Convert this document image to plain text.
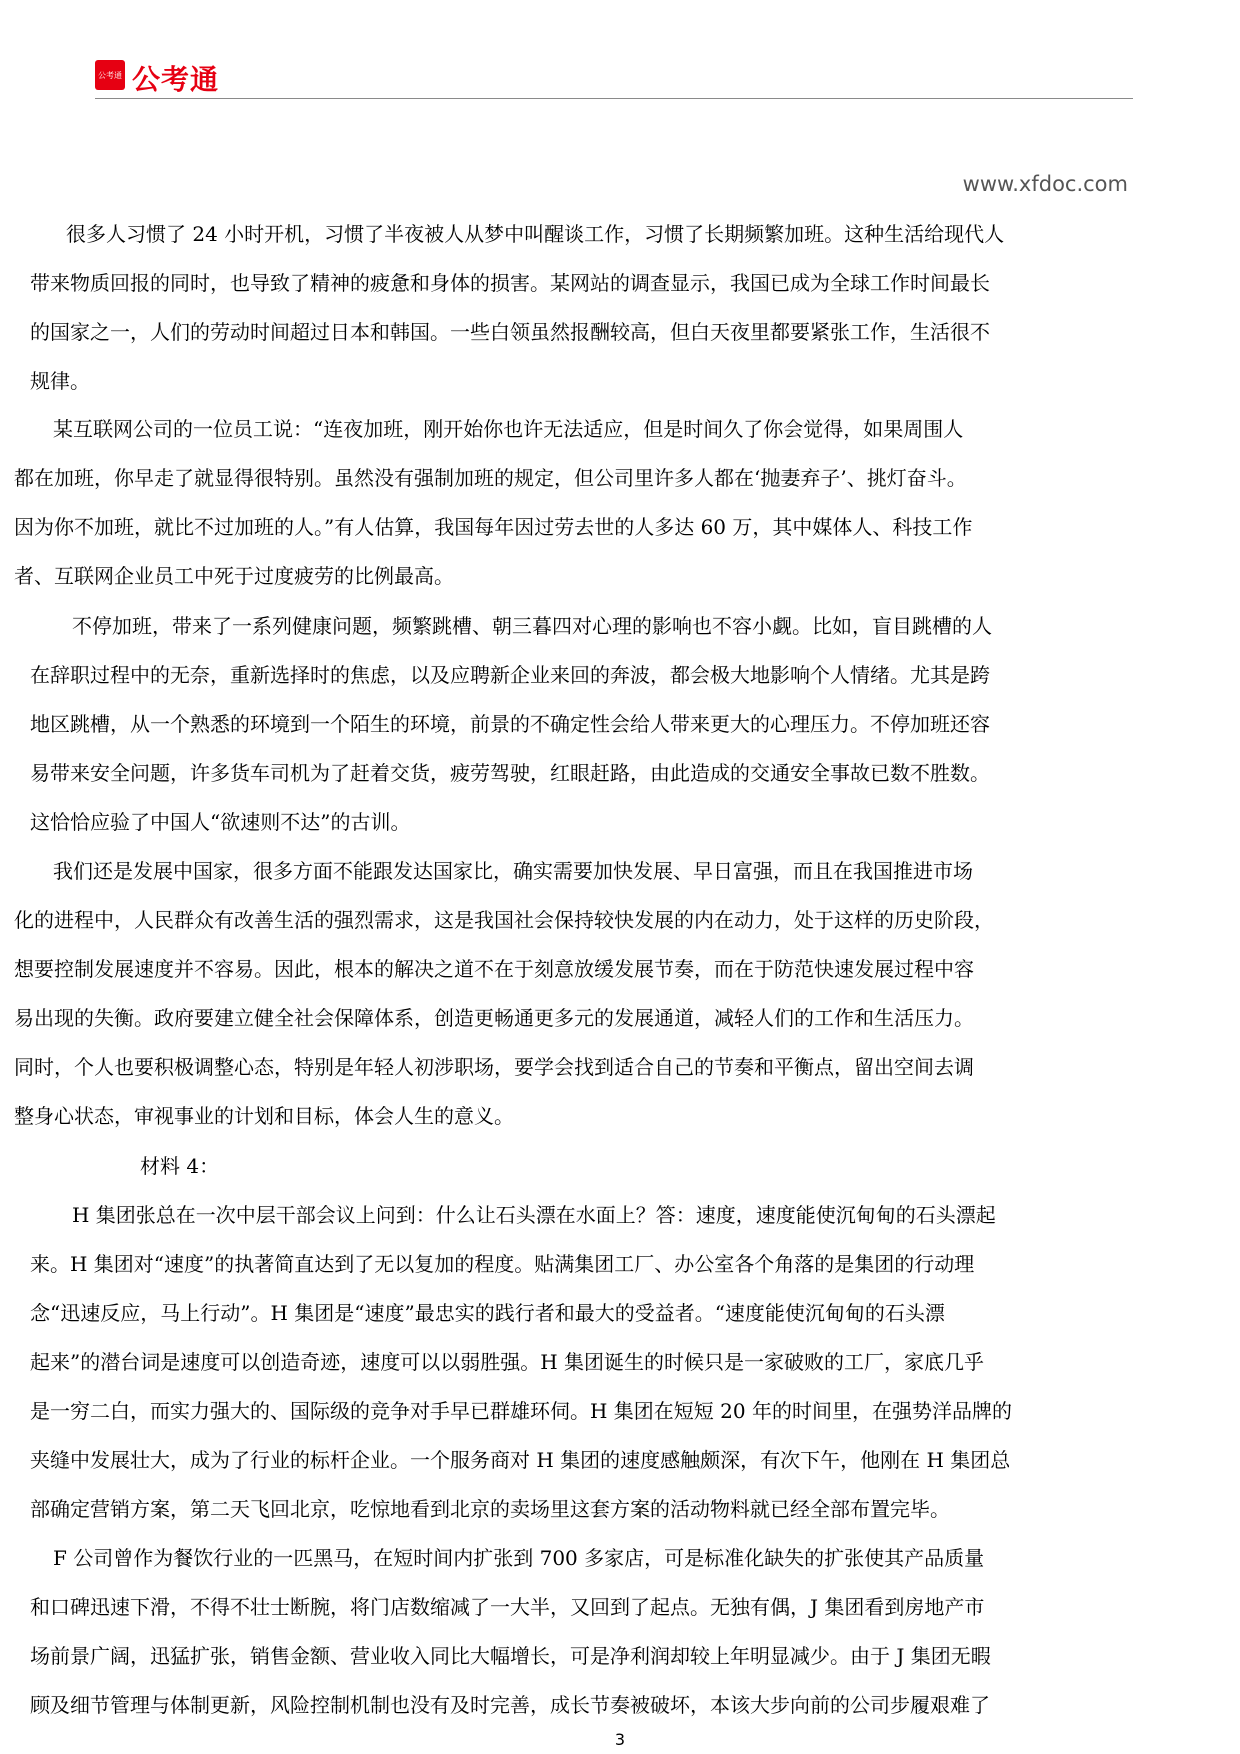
公考通 公考通
www.xfdoc.com
很多人习惯了 24 小时开机，习惯了半夜被人从梦中叫醒谈工作，习惯了长期频繁加班。这种生活给现代人
带来物质回报的同时，也导致了精神的疲惫和身体的损害。某网站的调查显示，我国已成为全球工作时间最长
的国家之一，人们的劳动时间超过日本和韩国。一些白领虽然报酬较高，但白天夜里都要紧张工作，生活很不
规律。
某互联网公司的一位员工说：“连夜加班，刚开始你也许无法适应，但是时间久了你会觉得，如果周围人
都在加班，你早走了就显得很特别。虽然没有强制加班的规定，但公司里许多人都在‘抛妻弃子’、挑灯奋斗。
因为你不加班，就比不过加班的人。”有人估算，我国每年因过劳去世的人多达 60 万，其中媒体人、科技工作
者、互联网企业员工中死于过度疲劳的比例最高。
不停加班，带来了一系列健康问题，频繁跳槽、朝三暮四对心理的影响也不容小觑。比如，盲目跳槽的人
在辞职过程中的无奈，重新选择时的焦虑，以及应聘新企业来回的奔波，都会极大地影响个人情绪。尤其是跨
地区跳槽，从一个熟悉的环境到一个陌生的环境，前景的不确定性会给人带来更大的心理压力。不停加班还容
易带来安全问题，许多货车司机为了赶着交货，疲劳驾驶，红眼赶路，由此造成的交通安全事故已数不胜数。
这恰恰应验了中国人“欲速则不达”的古训。
我们还是发展中国家，很多方面不能跟发达国家比，确实需要加快发展、早日富强，而且在我国推进市场
化的进程中，人民群众有改善生活的强烈需求，这是我国社会保持较快发展的内在动力，处于这样的历史阶段，
想要控制发展速度并不容易。因此，根本的解决之道不在于刻意放缓发展节奏，而在于防范快速发展过程中容
易出现的失衡。政府要建立健全社会保障体系，创造更畅通更多元的发展通道，减轻人们的工作和生活压力。
同时，个人也要积极调整心态，特别是年轻人初涉职场，要学会找到适合自己的节奏和平衡点，留出空间去调
整身心状态，审视事业的计划和目标，体会人生的意义。
材料 4：
H 集团张总在一次中层干部会议上问到：什么让石头漂在水面上？答：速度，速度能使沉甸甸的石头漂起
来。H 集团对“速度”的执著简直达到了无以复加的程度。贴满集团工厂、办公室各个角落的是集团的行动理
念“迅速反应，马上行动”。H 集团是“速度”最忠实的践行者和最大的受益者。“速度能使沉甸甸的石头漂
起来”的潜台词是速度可以创造奇迹，速度可以以弱胜强。H 集团诞生的时候只是一家破败的工厂，家底几乎
是一穷二白，而实力强大的、国际级的竞争对手早已群雄环伺。H 集团在短短 20 年的时间里，在强势洋品牌的
夹缝中发展壮大，成为了行业的标杆企业。一个服务商对 H 集团的速度感触颇深，有次下午，他刚在 H 集团总
部确定营销方案，第二天飞回北京，吃惊地看到北京的卖场里这套方案的活动物料就已经全部布置完毕。
F 公司曾作为餐饮行业的一匹黑马，在短时间内扩张到 700 多家店，可是标准化缺失的扩张使其产品质量
和口碑迅速下滑，不得不壮士断腕，将门店数缩减了一大半，又回到了起点。无独有偶，J 集团看到房地产市
场前景广阔，迅猛扩张，销售金额、营业收入同比大幅增长，可是净利润却较上年明显减少。由于 J 集团无暇
顾及细节管理与体制更新，风险控制机制也没有及时完善，成长节奏被破坏，本该大步向前的公司步履艰难了
3
